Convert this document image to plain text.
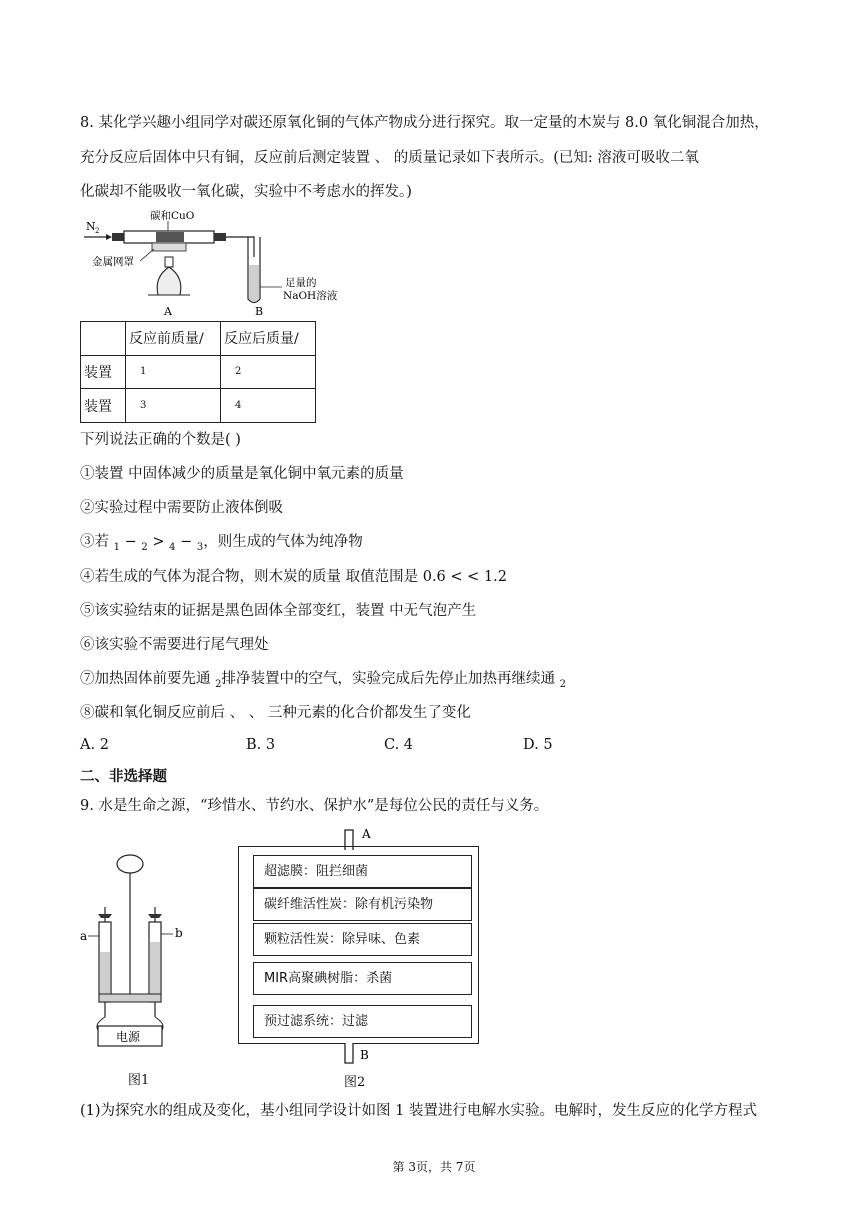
8. 某化学兴趣小组同学对碳还原氧化铜的气体产物成分进行探究。取一定量的木炭与 8.0 氧化铜混合加热，
充分反应后固体中只有铜，反应前后测定装置 、 的质量记录如下表所示。(已知: 溶液可吸收二氧
化碳却不能吸收一氧化碳，实验中不考虑水的挥发。)
N 2
碳和CuO
金属网罩
足量的
NaOH溶液
A	B
	反应前质量/	反应后质量/
装置	1	2
装置	3	4
下列说法正确的个数是( )
①装置 中固体减少的质量是氧化铜中氧元素的质量
②实验过程中需要防止液体倒吸
③若 $_1$ − $_2$ > $_4$ − $_3$，则生成的气体为纯净物
④若生成的气体为混合物，则木炭的质量 取值范围是 0.6 < < 1.2
⑤该实验结束的证据是黑色固体全部变红，装置 中无气泡产生
⑥该实验不需要进行尾气理处
⑦加热固体前要先通 $_2$排净装置中的空气，实验完成后先停止加热再继续通 $_2$
⑧碳和氧化铜反应前后 、 、 三种元素的化合价都发生了变化
A. 2	B. 3	C. 4	D. 5
二、非选择题
9. 水是生命之源，“珍惜水、节约水、保护水”是每位公民的责任与义务。
a	b
电源
图1
A
超滤膜：阻拦细菌
碳纤维活性炭：除有机污染物
颗粒活性炭：除异味、色素
MIR高聚碘树脂：杀菌
预过滤系统：过滤
B
图2
(1)为探究水的组成及变化，基小组同学设计如图 1 装置进行电解水实验。电解时，发生反应的化学方程式
第 3页，共 7页
